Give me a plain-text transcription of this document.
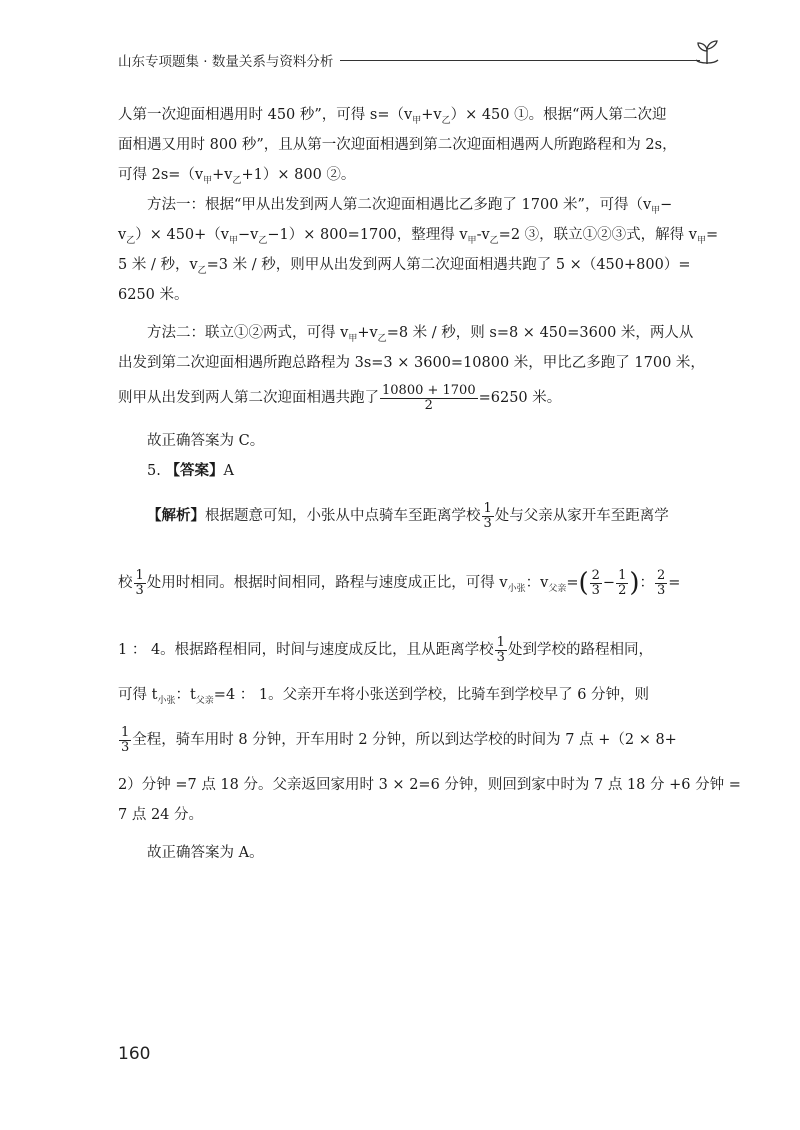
山东专项题集 · 数量关系与资料分析
人第一次迎面相遇用时 450 秒”，可得 $s=(v_甲+v_乙)\times 450$ ①。根据“两人第二次迎
面相遇又用时 800 秒”，且从第一次迎面相遇到第二次迎面相遇两人所跑路程和为 2s，
可得 $2s=(v_甲+v_乙+1)\times 800$ ②。
方法一：根据“甲从出发到两人第二次迎面相遇比乙多跑了 1700 米”，可得（$v_甲-$
$v_乙)\times 450+(v_甲-v_乙-1)\times 800=1700$，整理得 $v_甲-v_乙=2$ ③，联立①②③式，解得 $v_甲=$
5 米 / 秒，$v_乙=3$ 米 / 秒，则甲从出发到两人第二次迎面相遇共跑了 5 ×（450+800）=
6250 米。
方法二：联立①②两式，可得 $v_甲+v_乙=8$ 米 / 秒，则 s=8 × 450=3600 米，两人从
出发到第二次迎面相遇所跑总路程为 3s=3 × 3600=10800 米，甲比乙多跑了 1700 米，
则甲从出发到两人第二次迎面相遇共跑了 $\frac{10800 + 1700}{2} =6250$ 米。
故正确答案为 C。
5. 【答案】A
【解析】根据题意可知，小张从中点骑车至距离学校 $\frac{1}{3}$ 处与父亲从家开车至距离学
校 $\frac{1}{3}$ 处用时相同。根据时间相同，路程与速度成正比，可得 $v_{小张}$：$v_{父亲}=( \frac{2}{3} - \frac{1}{2}$ )： $\frac{2}{3}$ =
1 ： 4。根据路程相同，时间与速度成反比，且从距离学校 $\frac{1}{3}$ 处到学校的路程相同，
可得 $t_{小张}$：$t_{父亲}=4$ ： 1。父亲开车将小张送到学校，比骑车到学校早了 6 分钟，则
$\frac{1}{3}$ 全程，骑车用时 8 分钟，开车用时 2 分钟，所以到达学校的时间为 7 点 +（2 × 8+
2）分钟 =7 点 18 分。父亲返回家用时 3 × 2=6 分钟，则回到家中时为 7 点 18 分 +6 分钟 =
7 点 24 分。
故正确答案为 A。
160
